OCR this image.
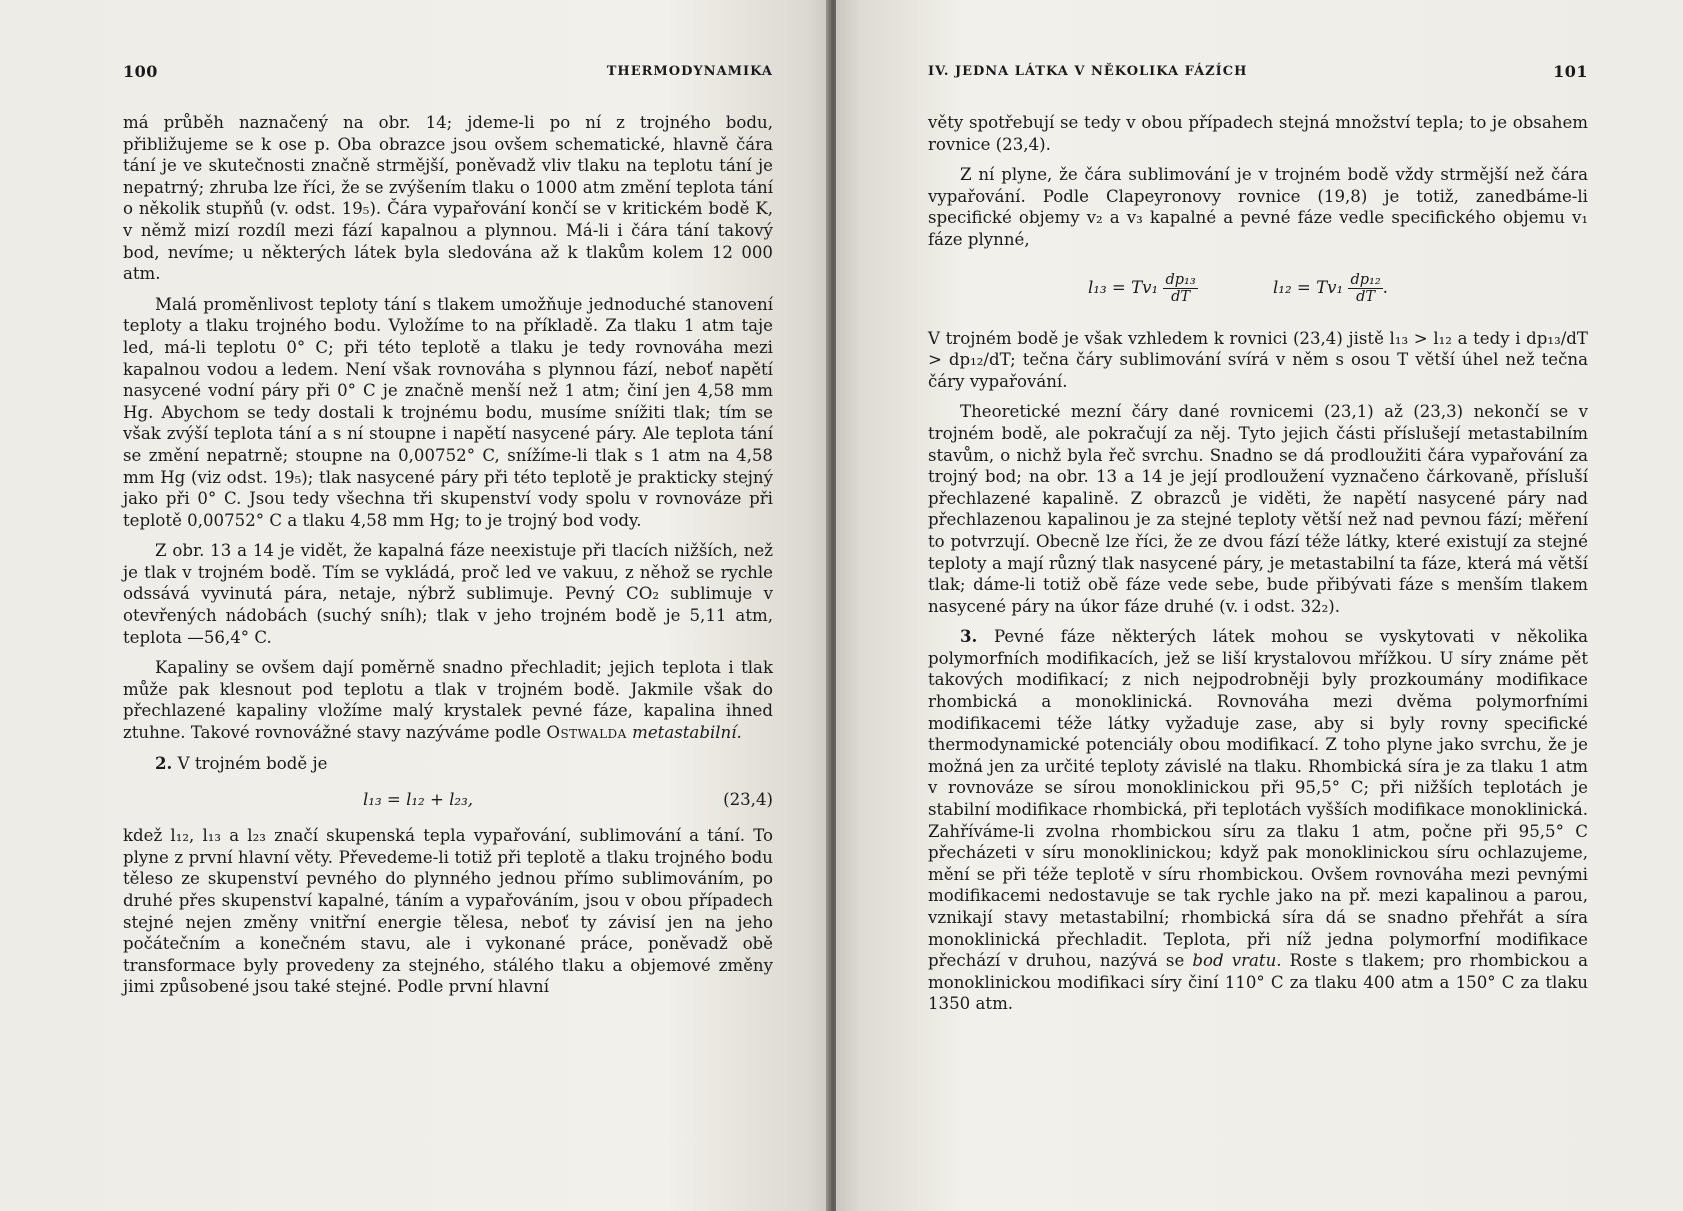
100	THERMODYNAMIKA

má průběh naznačený na obr. 14; jdeme-li po ní z trojného bodu, přibližujeme se k ose p. Oba obrazce jsou ovšem schematické, hlavně čára tání je ve skutečnosti značně strmější, poněvadž vliv tlaku na teplotu tání je nepatrný; zhruba lze říci, že se zvýšením tlaku o 1000 atm změní teplota tání o několik stupňů (v. odst. 19₅). Čára vypařování končí se v kritickém bodě K, v němž mizí rozdíl mezi fází kapalnou a plynnou. Má-li i čára tání takový bod, nevíme; u některých látek byla sledována až k tlakům kolem 12 000 atm.

Malá proměnlivost teploty tání s tlakem umožňuje jednoduché stanovení teploty a tlaku trojného bodu. Vyložíme to na příkladě. Za tlaku 1 atm taje led, má-li teplotu 0° C; při této teplotě a tlaku je tedy rovnováha mezi kapalnou vodou a ledem. Není však rovnováha s plynnou fází, neboť napětí nasycené vodní páry při 0° C je značně menší než 1 atm; činí jen 4,58 mm Hg. Abychom se tedy dostali k trojnému bodu, musíme snížiti tlak; tím se však zvýší teplota tání a s ní stoupne i napětí nasycené páry. Ale teplota tání se změní nepatrně; stoupne na 0,00752° C, snížíme-li tlak s 1 atm na 4,58 mm Hg (viz odst. 19₅); tlak nasycené páry při této teplotě je prakticky stejný jako při 0° C. Jsou tedy všechna tři skupenství vody spolu v rovnováze při teplotě 0,00752° C a tlaku 4,58 mm Hg; to je trojný bod vody.

Z obr. 13 a 14 je vidět, že kapalná fáze neexistuje při tlacích nižších, než je tlak v trojném bodě. Tím se vykládá, proč led ve vakuu, z něhož se rychle odssává vyvinutá pára, netaje, nýbrž sublimuje. Pevný CO₂ sublimuje v otevřených nádobách (suchý sníh); tlak v jeho trojném bodě je 5,11 atm, teplota —56,4° C.

Kapaliny se ovšem dají poměrně snadno přechladit; jejich teplota i tlak může pak klesnout pod teplotu a tlak v trojném bodě. Jakmile však do přechlazené kapaliny vložíme malý krystalek pevné fáze, kapalina ihned ztuhne. Takové rovnovážné stavy nazýváme podle Ostwalda metastabilní.

2. V trojném bodě je

l₁₃ = l₁₂ + l₂₃,	(23,4)

kdež l₁₂, l₁₃ a l₂₃ značí skupenská tepla vypařování, sublimování a tání. To plyne z první hlavní věty. Převedeme-li totiž při teplotě a tlaku trojného bodu těleso ze skupenství pevného do plynného jednou přímo sublimováním, po druhé přes skupenství kapalné, táním a vypařováním, jsou v obou případech stejné nejen změny vnitřní energie tělesa, neboť ty závisí jen na jeho počátečním a konečném stavu, ale i vykonané práce, poněvadž obě transformace byly provedeny za stejného, stálého tlaku a objemové změny jimi způsobené jsou také stejné. Podle první hlavní

IV. JEDNA LÁTKA V NĚKOLIKA FÁZÍCH	101

věty spotřebují se tedy v obou případech stejná množství tepla; to je obsahem rovnice (23,4).

Z ní plyne, že čára sublimování je v trojném bodě vždy strmější než čára vypařování. Podle Clapeyronovy rovnice (19,8) je totiž, zanedbáme-li specifické objemy v₂ a v₃ kapalné a pevné fáze vedle specifického objemu v₁ fáze plynné,

$l_{13} = Tv_1 \frac{\text{dp₁₃}}{dT}$	$l_{12} = Tv_1 \frac{\text{dp₁₂}}{dT}$ .

V trojném bodě je však vzhledem k rovnici (23,4) jistě l₁₃ > l₁₂ a tedy i dp₁₃/dT > dp₁₂/dT; tečna čáry sublimování svírá v něm s osou T větší úhel než tečna čáry vypařování.

Theoretické mezní čáry dané rovnicemi (23,1) až (23,3) nekončí se v trojném bodě, ale pokračují za něj. Tyto jejich části příslušejí metastabilním stavům, o nichž byla řeč svrchu. Snadno se dá prodloužiti čára vypařování za trojný bod; na obr. 13 a 14 je její prodloužení vyznačeno čárkovaně, přísluší přechlazené kapalině. Z obrazců je viděti, že napětí nasycené páry nad přechlazenou kapalinou je za stejné teploty větší než nad pevnou fází; měření to potvrzují. Obecně lze říci, že ze dvou fází téže látky, které existují za stejné teploty a mají různý tlak nasycené páry, je metastabilní ta fáze, která má větší tlak; dáme-li totiž obě fáze vede sebe, bude přibývati fáze s menším tlakem nasycené páry na úkor fáze druhé (v. i odst. 32₂).

3. Pevné fáze některých látek mohou se vyskytovati v několika polymorfních modifikacích, jež se liší krystalovou mřížkou. U síry známe pět takových modifikací; z nich nejpodrobněji byly prozkoumány modifikace rhombická a monoklinická. Rovnováha mezi dvěma polymorfními modifikacemi téže látky vyžaduje zase, aby si byly rovny specifické thermodynamické potenciály obou modifikací. Z toho plyne jako svrchu, že je možná jen za určité teploty závislé na tlaku. Rhombická síra je za tlaku 1 atm v rovnováze se sírou monoklinickou při 95,5° C; při nižších teplotách je stabilní modifikace rhombická, při teplotách vyšších modifikace monoklinická. Zahříváme-li zvolna rhombickou síru za tlaku 1 atm, počne při 95,5° C přecházeti v síru monoklinickou; když pak monoklinickou síru ochlazujeme, mění se při téže teplotě v síru rhombickou. Ovšem rovnováha mezi pevnými modifikacemi nedostavuje se tak rychle jako na př. mezi kapalinou a parou, vznikají stavy metastabilní; rhombická síra dá se snadno přehřát a síra monoklinická přechladit. Teplota, při níž jedna polymorfní modifikace přechází v druhou, nazývá se bod vratu. Roste s tlakem; pro rhombickou a monoklinickou modifikaci síry činí 110° C za tlaku 400 atm a 150° C za tlaku 1350 atm.
